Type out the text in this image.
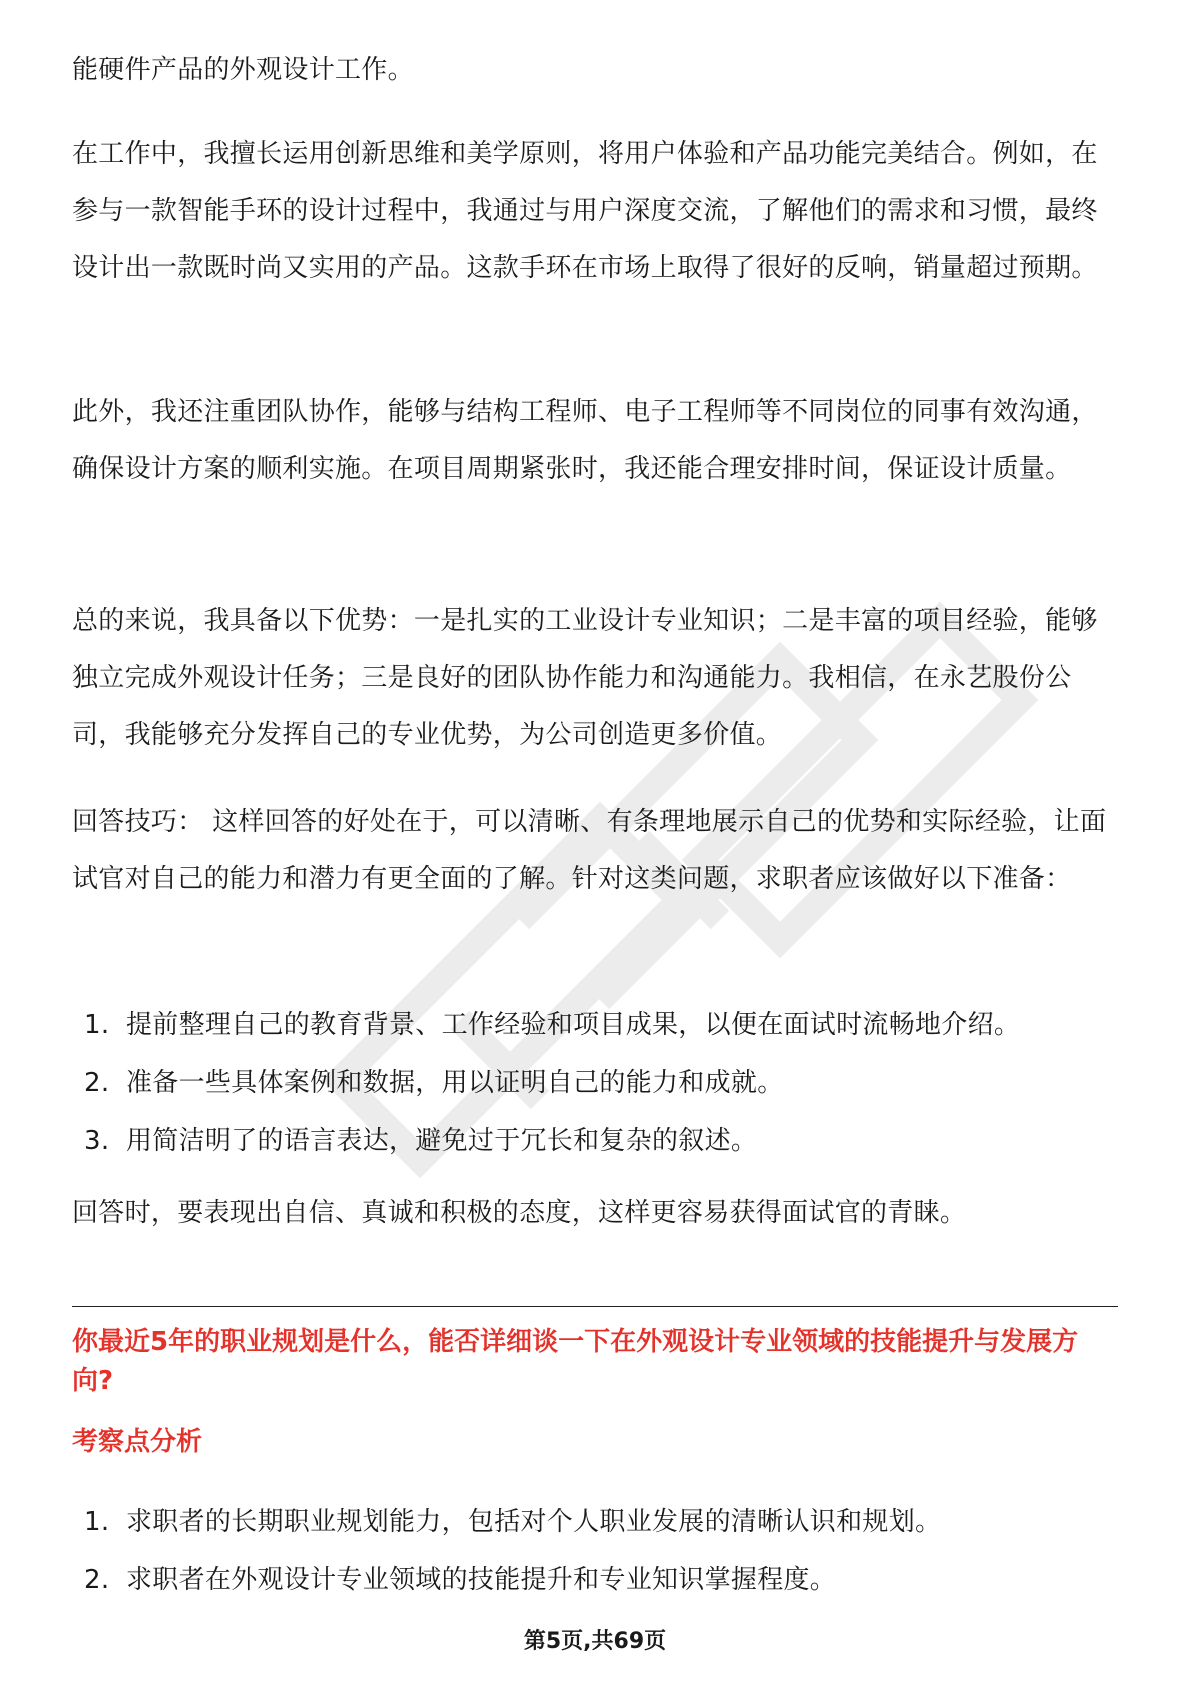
能硬件产品的外观设计工作。

在工作中，我擅长运用创新思维和美学原则，将用户体验和产品功能完美结合。例如，在参与一款智能手环的设计过程中，我通过与用户深度交流，了解他们的需求和习惯，最终设计出一款既时尚又实用的产品。这款手环在市场上取得了很好的反响，销量超过预期。

此外，我还注重团队协作，能够与结构工程师、电子工程师等不同岗位的同事有效沟通，确保设计方案的顺利实施。在项目周期紧张时，我还能合理安排时间，保证设计质量。

总的来说，我具备以下优势：一是扎实的工业设计专业知识；二是丰富的项目经验，能够独立完成外观设计任务；三是良好的团队协作能力和沟通能力。我相信，在永艺股份公司，我能够充分发挥自己的专业优势，为公司创造更多价值。

回答技巧： 这样回答的好处在于，可以清晰、有条理地展示自己的优势和实际经验，让面试官对自己的能力和潜力有更全面的了解。针对这类问题，求职者应该做好以下准备：

1. 提前整理自己的教育背景、工作经验和项目成果，以便在面试时流畅地介绍。
2. 准备一些具体案例和数据，用以证明自己的能力和成就。
3. 用简洁明了的语言表达，避免过于冗长和复杂的叙述。

回答时，要表现出自信、真诚和积极的态度，这样更容易获得面试官的青睐。

1. 求职者的长期职业规划能力，包括对个人职业发展的清晰认识和规划。
2. 求职者在外观设计专业领域的技能提升和专业知识掌握程度。
你最近5年的职业规划是什么，能否详细谈一下在外观设计专业领域的技能提升与发展方向?
考察点分析
第5页,共69页
